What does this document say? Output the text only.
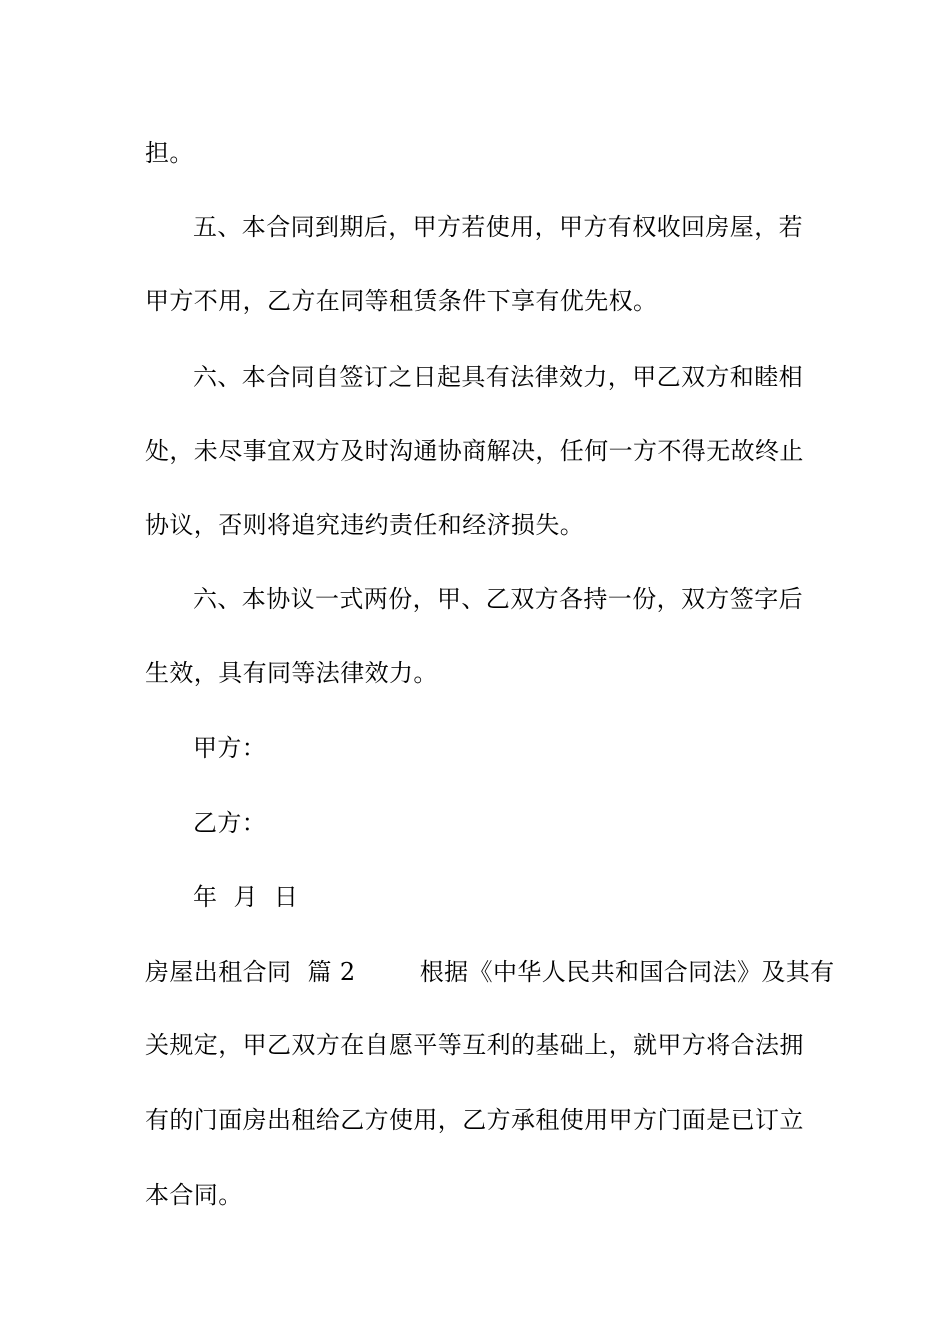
担。
五、本合同到期后，甲方若使用，甲方有权收回房屋，若
甲方不用，乙方在同等租赁条件下享有优先权。
六、本合同自签订之日起具有法律效力，甲乙双方和睦相
处，未尽事宜双方及时沟通协商解决，任何一方不得无故终止
协议，否则将追究违约责任和经济损失。
六、本协议一式两份，甲、乙双方各持一份，双方签字后
生效，具有同等法律效力。
甲方：
乙方：
年  月  日
房屋出租合同  篇 2        根据《中华人民共和国合同法》及其有
关规定，甲乙双方在自愿平等互利的基础上，就甲方将合法拥
有的门面房出租给乙方使用，乙方承租使用甲方门面是已订立
本合同。
